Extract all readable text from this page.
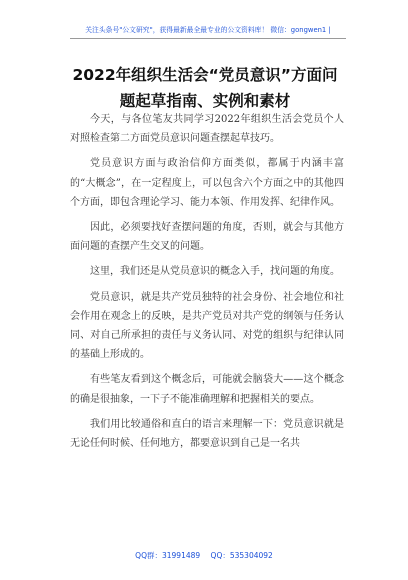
关注头条号"公文研究"，获得最新最全最专业的公文资料库！ 微信：gongwen1 |
2022年组织生活会“党员意识”方面问
题起草指南、实例和素材

今天，与各位笔友共同学习2022年组织生活会党员个人对照检查第二方面党员意识问题查摆起草技巧。

党员意识方面与政治信仰方面类似，都属于内涵丰富的“大概念”，在一定程度上，可以包含六个方面之中的其他四个方面，即包含理论学习、能力本领、作用发挥、纪律作风。

因此，必须要找好查摆问题的角度，否则，就会与其他方面问题的查摆产生交叉的问题。

这里，我们还是从党员意识的概念入手，找问题的角度。

党员意识，就是共产党员独特的社会身份、社会地位和社会作用在观念上的反映，是共产党员对共产党的纲领与任务认同、对自己所承担的责任与义务认同、对党的组织与纪律认同的基础上形成的。

有些笔友看到这个概念后，可能就会脑袋大——这个概念的确是很抽象，一下子不能准确理解和把握相关的要点。

我们用比较通俗和直白的语言来理解一下：党员意识就是无论任何时候、任何地方，都要意识到自己是一名共

QQ群：31991489 QQ：535304092
